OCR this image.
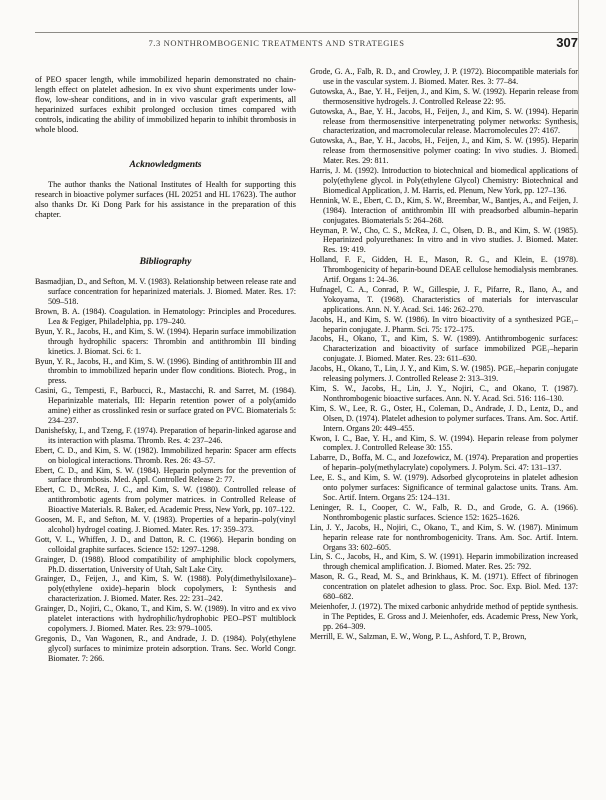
7.3 NONTHROMBOGENIC TREATMENTS AND STRATEGIES	307

of PEO spacer length, while immobilized heparin demonstrated no chain-length effect on platelet adhesion. In ex vivo shunt experiments under low-flow, low-shear conditions, and in in vivo vascular graft experiments, all heparinized surfaces exhibit prolonged occlusion times compared with controls, indicating the ability of immobilized heparin to inhibit thrombosis in whole blood.

Acknowledgments

The author thanks the National Institutes of Health for supporting this research in bioactive polymer surfaces (HL 20251 and HL 17623). The author also thanks Dr. Ki Dong Park for his assistance in the preparation of this chapter.

Bibliography
Basmadjian, D., and Sefton, M. V. (1983). Relationship between release rate and surface concentration for heparinized materials. J. Biomed. Mater. Res. 17: 509–518.
Brown, B. A. (1984). Coagulation. in Hematology: Principles and Procedures. Lea & Fegiger, Philadelphia, pp. 179–240.
Byun, Y. R., Jacobs, H., and Kim, S. W. (1994). Heparin surface immobilization through hydrophilic spacers: Thrombin and antithrombin III binding kinetics. J. Biomat. Sci. 6: 1.
Byun, Y. R., Jacobs, H., and Kim, S. W. (1996). Binding of antithrombin III and thrombin to immobilized heparin under flow conditions. Biotech. Prog., in press.
Casini, G., Tempesti, F., Barbucci, R., Mastacchi, R. and Sarret, M. (1984). Heparinizable materials, III: Heparin retention power of a poly(amido amine) either as crosslinked resin or surface grated on PVC. Biomaterials 5: 234–237.
Danishefsky, I., and Tzeng, F. (1974). Preparation of heparin-linked agarose and its interaction with plasma. Thromb. Res. 4: 237–246.
Ebert, C. D., and Kim, S. W. (1982). Immobilized heparin: Spacer arm effects on biological interactions. Thromb. Res. 26: 43–57.
Ebert, C. D., and Kim, S. W. (1984). Heparin polymers for the prevention of surface thrombosis. Med. Appl. Controlled Release 2: 77.
Ebert, C. D., McRea, J. C., and Kim, S. W. (1980). Controlled release of antithrombotic agents from polymer matrices. in Controlled Release of Bioactive Materials. R. Baker, ed. Academic Press, New York, pp. 107–122.
Goosen, M. F., and Sefton, M. V. (1983). Properties of a heparin–poly(vinyl alcohol) hydrogel coating. J. Biomed. Mater. Res. 17: 359–373.
Gott, V. L., Whiffen, J. D., and Datton, R. C. (1966). Heparin bonding on colloidal graphite surfaces. Science 152: 1297–1298.
Grainger, D. (1988). Blood compatibility of amphiphilic block copolymers, Ph.D. dissertation, University of Utah, Salt Lake City.
Grainger, D., Feijen, J., and Kim, S. W. (1988). Poly(dimethylsiloxane)–poly(ethylene oxide)–heparin block copolymers, I: Synthesis and characterization. J. Biomed. Mater. Res. 22: 231–242.
Grainger, D., Nojiri, C., Okano, T., and Kim, S. W. (1989). In vitro and ex vivo platelet interactions with hydrophilic/hydrophobic PEO–PST multiblock copolymers. J. Biomed. Mater. Res. 23: 979–1005.
Gregonis, D., Van Wagonen, R., and Andrade, J. D. (1984). Poly(ethylene glycol) surfaces to minimize protein adsorption. Trans. Sec. World Congr. Biomater. 7: 266.
Grode, G. A., Falb, R. D., and Crowley, J. P. (1972). Biocompatible materials for use in the vascular system. J. Biomed. Mater. Res. 3: 77–84.
Gutowska, A., Bae, Y. H., Feijen, J., and Kim, S. W. (1992). Heparin release from thermosensitive hydrogels. J. Controlled Release 22: 95.
Gutowska, A., Bae, Y. H., Jacobs, H., Feijen, J., and Kim, S. W. (1994). Heparin release from thermosensitive interpenetrating polymer networks: Synthesis, characterization, and macromolecular release. Macromolecules 27: 4167.
Gutowska, A., Bae, Y. H., Jacobs, H., Feijen, J., and Kim, S. W. (1995). Heparin release from thermosensitive polymer coating: In vivo studies. J. Biomed. Mater. Res. 29: 811.
Harris, J. M. (1992). Introduction to biotechnical and biomedical applications of poly(ethylene glycol. in Poly(ethylene Glycol) Chemistry: Biotechnical and Biomedical Application, J. M. Harris, ed. Plenum, New York, pp. 127–136.
Hennink, W. E., Ebert, C. D., Kim, S. W., Breembar, W., Bantjes, A., and Feijen, J. (1984). Interaction of antithrombin III with preadsorbed albumin–heparin conjugates. Biomaterials 5: 264–268.
Heyman, P. W., Cho, C. S., McRea, J. C., Olsen, D. B., and Kim, S. W. (1985). Heparinized polyurethanes: In vitro and in vivo studies. J. Biomed. Mater. Res. 19: 419.
Holland, F. F., Gidden, H. E., Mason, R. G., and Klein, E. (1978). Thrombogenicity of heparin-bound DEAE cellulose hemodialysis membranes. Artif. Organs 1: 24–36.
Hufnagel, C. A., Conrad, P. W., Gillespie, J. F., Pifarre, R., Ilano, A., and Yokoyama, T. (1968). Characteristics of materials for intervascular applications. Ann. N. Y. Acad. Sci. 146: 262–270.
Jacobs, H., and Kim, S. W. (1986). In vitro bioactivity of a synthesized PGE₁–heparin conjugate. J. Pharm. Sci. 75: 172–175.
Jacobs, H., Okano, T., and Kim, S. W. (1989). Antithrombogenic surfaces: Characterization and bioactivity of surface immobilized PGE₁–heparin conjugate. J. Biomed. Mater. Res. 23: 611–630.
Jacobs, H., Okano, T., Lin, J. Y., and Kim, S. W. (1985). PGE₁–heparin conjugate releasing polymers. J. Controlled Release 2: 313–319.
Kim, S. W., Jacobs, H., Lin, J. Y., Nojiri, C., and Okano, T. (1987). Nonthrombogenic bioactive surfaces. Ann. N. Y. Acad. Sci. 516: 116–130.
Kim, S. W., Lee, R. G., Oster, H., Coleman, D., Andrade, J. D., Lentz, D., and Olsen, D. (1974). Platelet adhesion to polymer surfaces. Trans. Am. Soc. Artif. Intern. Organs 20: 449–455.
Kwon, I. C., Bae, Y. H., and Kim, S. W. (1994). Heparin release from polymer complex. J. Controlled Release 30: 155.
Labarre, D., Boffa, M. C., and Jozefowicz, M. (1974). Preparation and properties of heparin–poly(methylacrylate) copolymers. J. Polym. Sci. 47: 131–137.
Lee, E. S., and Kim, S. W. (1979). Adsorbed glycoproteins in platelet adhesion onto polymer surfaces: Significance of terminal galactose units. Trans. Am. Soc. Artif. Intern. Organs 25: 124–131.
Leninger, R. I., Cooper, C. W., Falb, R. D., and Grode, G. A. (1966). Nonthrombogenic plastic surfaces. Science 152: 1625–1626.
Lin, J. Y., Jacobs, H., Nojiri, C., Okano, T., and Kim, S. W. (1987). Minimum heparin release rate for nonthrombogenicity. Trans. Am. Soc. Artif. Intern. Organs 33: 602–605.
Lin, S. C., Jacobs, H., and Kim, S. W. (1991). Heparin immobilization increased through chemical amplification. J. Biomed. Mater. Res. 25: 792.
Mason, R. G., Read, M. S., and Brinkhaus, K. M. (1971). Effect of fibrinogen concentration on platelet adhesion to glass. Proc. Soc. Exp. Biol. Med. 137: 680–682.
Meienhofer, J. (1972). The mixed carbonic anhydride method of peptide synthesis. in The Peptides, E. Gross and J. Meienhofer, eds. Academic Press, New York, pp. 264–309.
Merrill, E. W., Salzman, E. W., Wong, P. L., Ashford, T. P., Brown,
